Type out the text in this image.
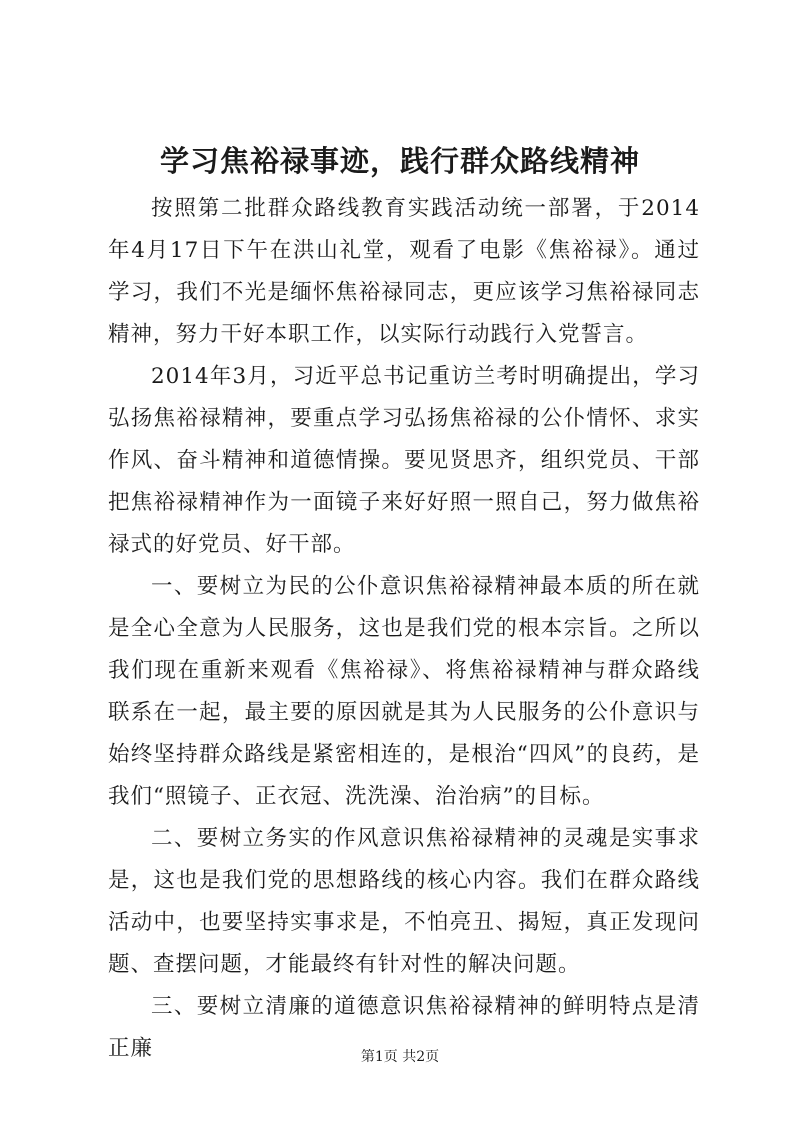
学习焦裕禄事迹，践行群众路线精神

按照第二批群众路线教育实践活动统一部署，于2014年4月17日下午在洪山礼堂，观看了电影《焦裕禄》。通过学习，我们不光是缅怀焦裕禄同志，更应该学习焦裕禄同志精神，努力干好本职工作，以实际行动践行入党誓言。

2014年3月，习近平总书记重访兰考时明确提出，学习弘扬焦裕禄精神，要重点学习弘扬焦裕禄的公仆情怀、求实作风、奋斗精神和道德情操。要见贤思齐，组织党员、干部把焦裕禄精神作为一面镜子来好好照一照自己，努力做焦裕禄式的好党员、好干部。

一、要树立为民的公仆意识焦裕禄精神最本质的所在就是全心全意为人民服务，这也是我们党的根本宗旨。之所以我们现在重新来观看《焦裕禄》、将焦裕禄精神与群众路线联系在一起，最主要的原因就是其为人民服务的公仆意识与始终坚持群众路线是紧密相连的，是根治“四风”的良药，是我们“照镜子、正衣冠、洗洗澡、治治病”的目标。

二、要树立务实的作风意识焦裕禄精神的灵魂是实事求是，这也是我们党的思想路线的核心内容。我们在群众路线活动中，也要坚持实事求是，不怕亮丑、揭短，真正发现问题、查摆问题，才能最终有针对性的解决问题。

三、要树立清廉的道德意识焦裕禄精神的鲜明特点是清正廉	第1页 共2页
